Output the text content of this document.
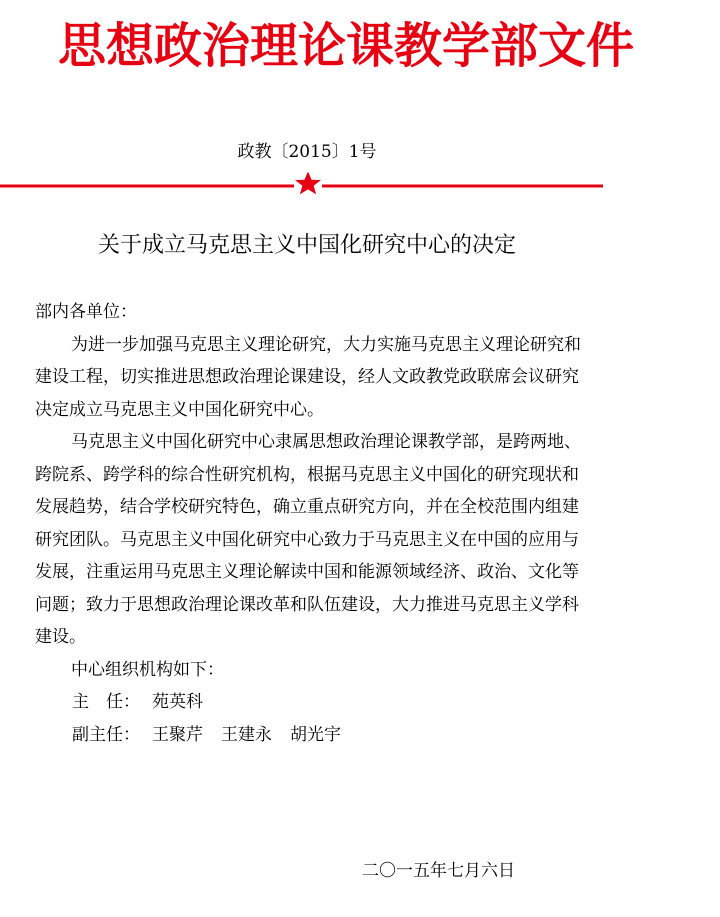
思想政治理论课教学部文件
政教〔2015〕1号
关于成立马克思主义中国化研究中心的决定

部内各单位：

为进一步加强马克思主义理论研究，大力实施马克思主义理论研究和建设工程，切实推进思想政治理论课建设，经人文政教党政联席会议研究决定成立马克思主义中国化研究中心。

马克思主义中国化研究中心隶属思想政治理论课教学部，是跨两地、跨院系、跨学科的综合性研究机构，根据马克思主义中国化的研究现状和发展趋势，结合学校研究特色，确立重点研究方向，并在全校范围内组建研究团队。马克思主义中国化研究中心致力于马克思主义在中国的应用与发展，注重运用马克思主义理论解读中国和能源领域经济、政治、文化等问题；致力于思想政治理论课改革和队伍建设，大力推进马克思主义学科建设。

中心组织机构如下：

主　任： 苑英科

副主任： 王聚芹 王建永 胡光宇

二〇一五年七月六日
